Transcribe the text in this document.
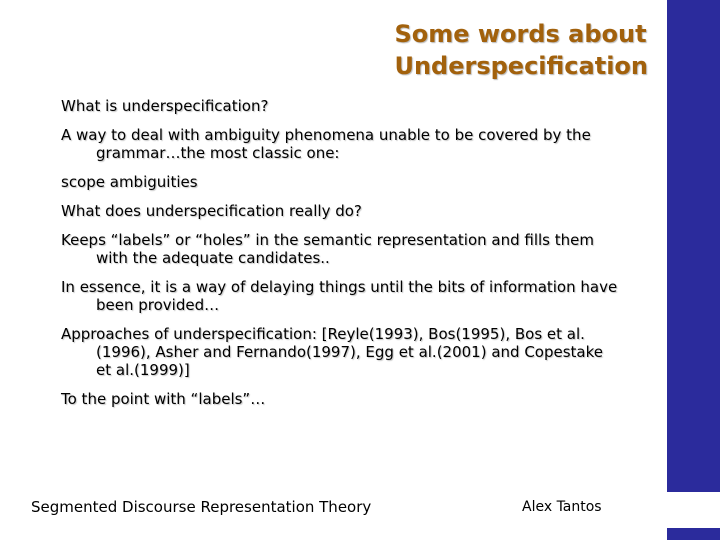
Some words about
Underspecification
What is underspecification?
A way to deal with ambiguity phenomena unable to be covered by the grammar…the most classic one:
scope ambiguities
What does underspecification really do?
Keeps “labels” or “holes” in the semantic representation and fills them with the adequate candidates..
In essence, it is a way of delaying things until the bits of information have been provided…
Approaches of underspecification: [Reyle(1993), Bos(1995), Bos et al. (1996), Asher and Fernando(1997), Egg et al.(2001) and Copestake et al.(1999)]
To the point with “labels”…
Segmented Discourse Representation Theory	Alex Tantos
